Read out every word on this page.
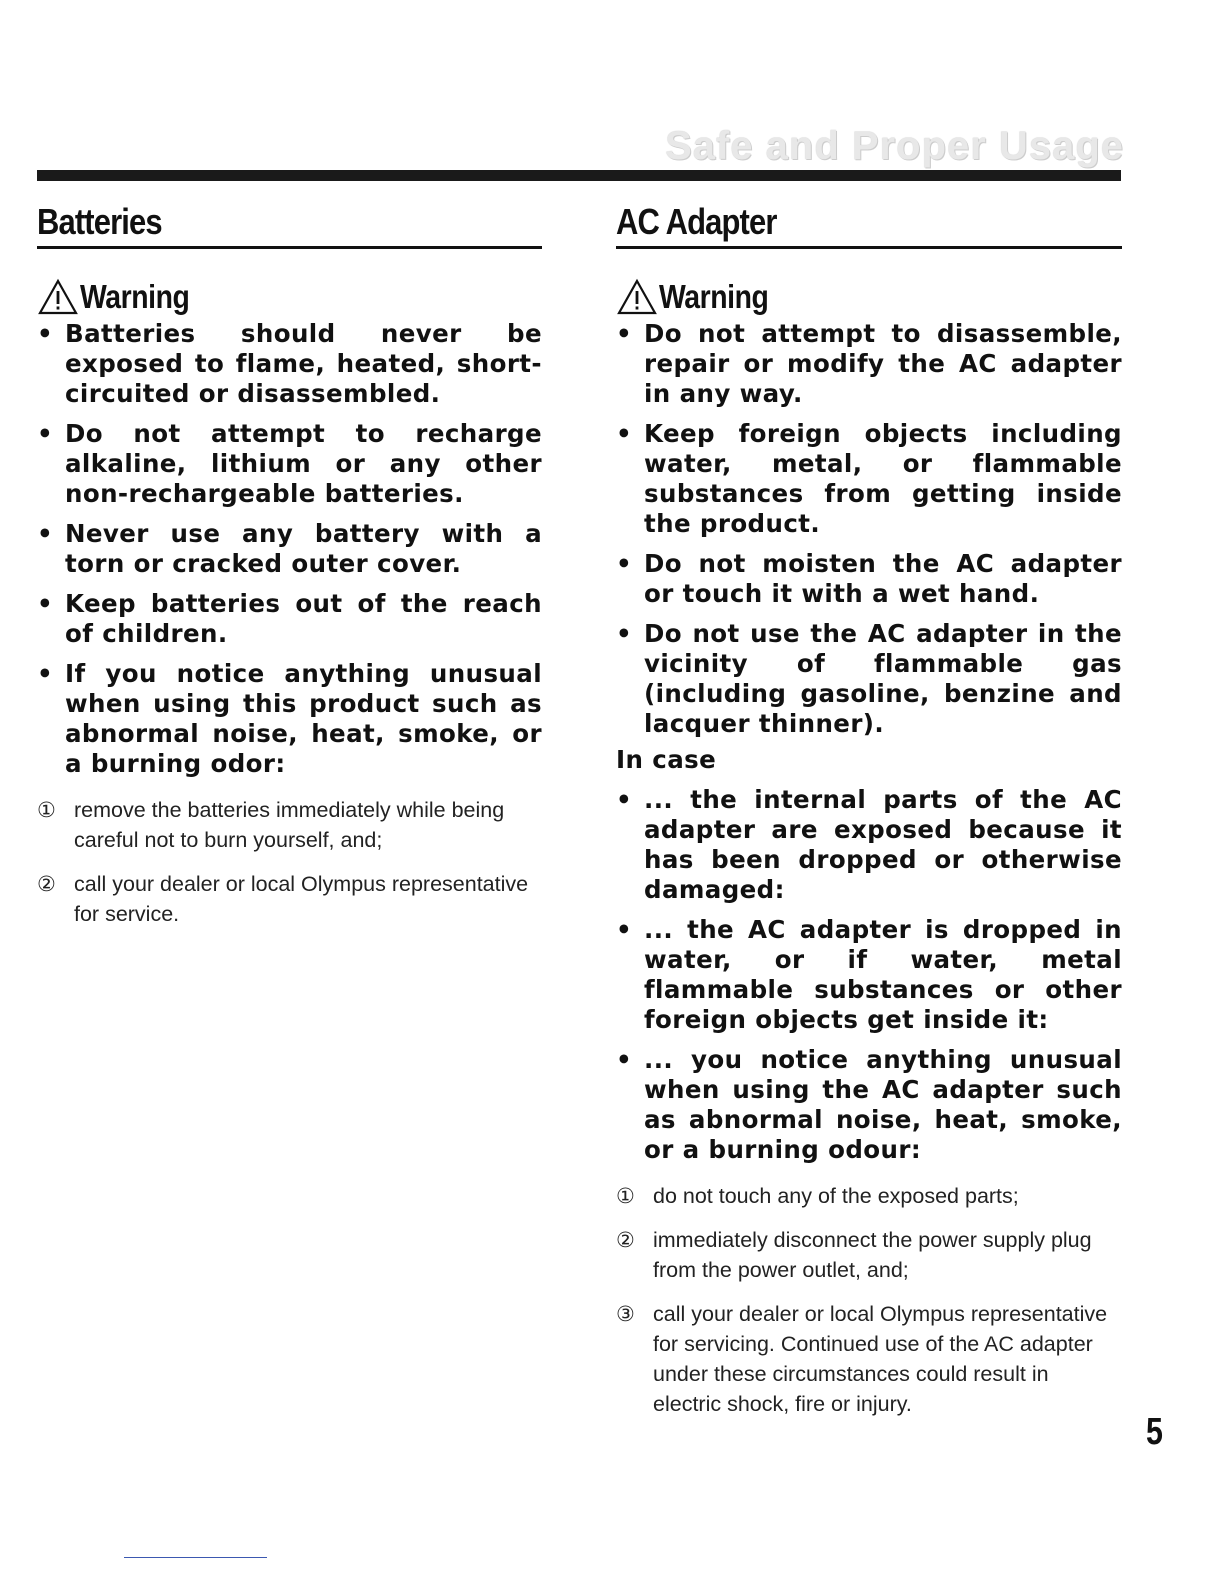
Safe and Proper Usage
Batteries
Warning
• Batteries should never be exposed to flame, heated, short-circuited or disassembled.
• Do not attempt to recharge alkaline, lithium or any other non-rechargeable batteries.
• Never use any battery with a torn or cracked outer cover.
• Keep batteries out of the reach of children.
• If you notice anything unusual when using this product such as abnormal noise, heat, smoke, or a burning odor:
① remove the batteries immediately while being careful not to burn yourself, and;
② call your dealer or local Olympus representative for service.
AC Adapter
Warning
• Do not attempt to disassemble, repair or modify the AC adapter in any way.
• Keep foreign objects including water, metal, or flammable substances from getting inside the product.
• Do not moisten the AC adapter or touch it with a wet hand.
• Do not use the AC adapter in the vicinity of flammable gas (including gasoline, benzine and lacquer thinner).
In case
• ... the internal parts of the AC adapter are exposed because it has been dropped or otherwise damaged:
• ... the AC adapter is dropped in water, or if water, metal flammable substances or other foreign objects get inside it:
• ... you notice anything unusual when using the AC adapter such as abnormal noise, heat, smoke, or a burning odour:
① do not touch any of the exposed parts;
② immediately disconnect the power supply plug from the power outlet, and;
③ call your dealer or local Olympus representative for servicing. Continued use of the AC adapter under these circumstances could result in electric shock, fire or injury.
5
